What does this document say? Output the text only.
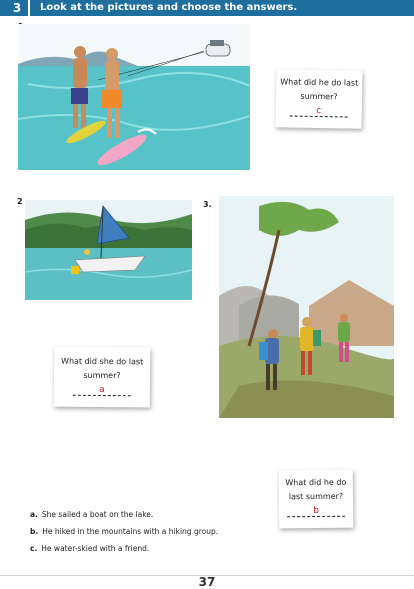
3	Look at the pictures and choose the answers.
What did he do last summer?
c
2
What did she do last summer?
a
3.
What did he do last summer?
b
a. She sailed a boat on the lake.
b. He hiked in the mountains with a hiking group.
c. He water-skied with a friend.
37
